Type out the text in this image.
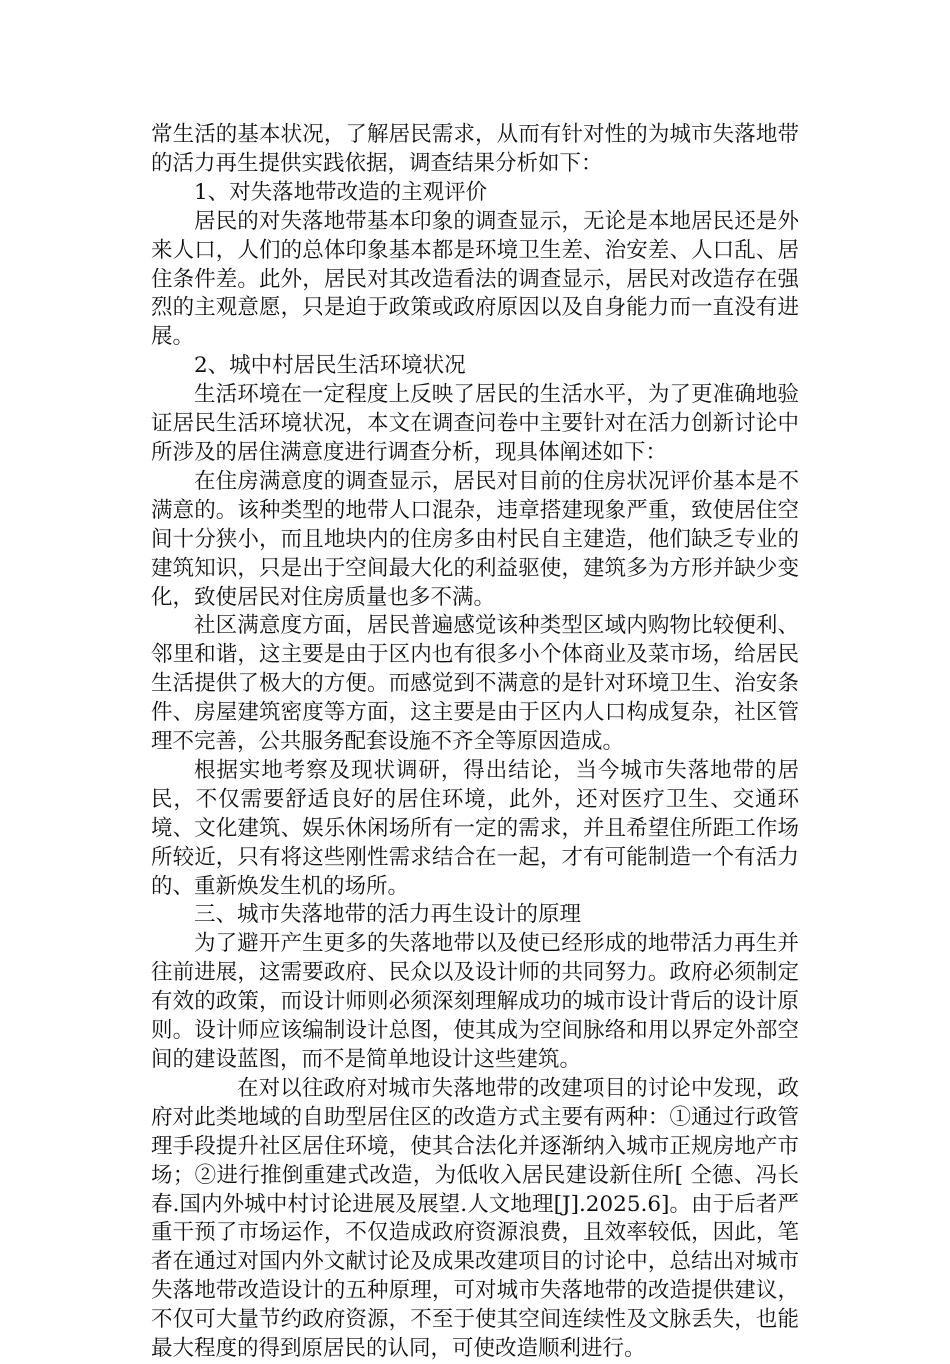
常生活的基本状况，了解居民需求，从而有针对性的为城市失落地带的活力再生提供实践依据，调查结果分析如下：

1、对失落地带改造的主观评价

居民的对失落地带基本印象的调查显示，无论是本地居民还是外来人口，人们的总体印象基本都是环境卫生差、治安差、人口乱、居住条件差。此外，居民对其改造看法的调查显示，居民对改造存在强烈的主观意愿，只是迫于政策或政府原因以及自身能力而一直没有进展。

2、城中村居民生活环境状况

生活环境在一定程度上反映了居民的生活水平，为了更准确地验证居民生活环境状况，本文在调查问卷中主要针对在活力创新讨论中所涉及的居住满意度进行调查分析，现具体阐述如下：

在住房满意度的调查显示，居民对目前的住房状况评价基本是不满意的。该种类型的地带人口混杂，违章搭建现象严重，致使居住空间十分狭小，而且地块内的住房多由村民自主建造，他们缺乏专业的建筑知识，只是出于空间最大化的利益驱使，建筑多为方形并缺少变化，致使居民对住房质量也多不满。

社区满意度方面，居民普遍感觉该种类型区域内购物比较便利、邻里和谐，这主要是由于区内也有很多小个体商业及菜市场，给居民生活提供了极大的方便。而感觉到不满意的是针对环境卫生、治安条件、房屋建筑密度等方面，这主要是由于区内人口构成复杂，社区管理不完善，公共服务配套设施不齐全等原因造成。

根据实地考察及现状调研，得出结论，当今城市失落地带的居民，不仅需要舒适良好的居住环境，此外，还对医疗卫生、交通环境、文化建筑、娱乐休闲场所有一定的需求，并且希望住所距工作场所较近，只有将这些刚性需求结合在一起，才有可能制造一个有活力的、重新焕发生机的场所。

三、城市失落地带的活力再生设计的原理

为了避开产生更多的失落地带以及使已经形成的地带活力再生并往前进展，这需要政府、民众以及设计师的共同努力。政府必须制定有效的政策，而设计师则必须深刻理解成功的城市设计背后的设计原则。设计师应该编制设计总图，使其成为空间脉络和用以界定外部空间的建设蓝图，而不是简单地设计这些建筑。

在对以往政府对城市失落地带的改建项目的讨论中发现，政府对此类地域的自助型居住区的改造方式主要有两种：①通过行政管理手段提升社区居住环境，使其合法化并逐渐纳入城市正规房地产市场；②进行推倒重建式改造，为低收入居民建设新住所[ 仝德、冯长春.国内外城中村讨论进展及展望.人文地理[J].2025.6]。由于后者严重干预了市场运作，不仅造成政府资源浪费，且效率较低，因此，笔者在通过对国内外文献讨论及成果改建项目的讨论中，总结出对城市失落地带改造设计的五种原理，可对城市失落地带的改造提供建议，不仅可大量节约政府资源，不至于使其空间连续性及文脉丢失，也能最大程度的得到原居民的认同，可使改造顺利进行。
